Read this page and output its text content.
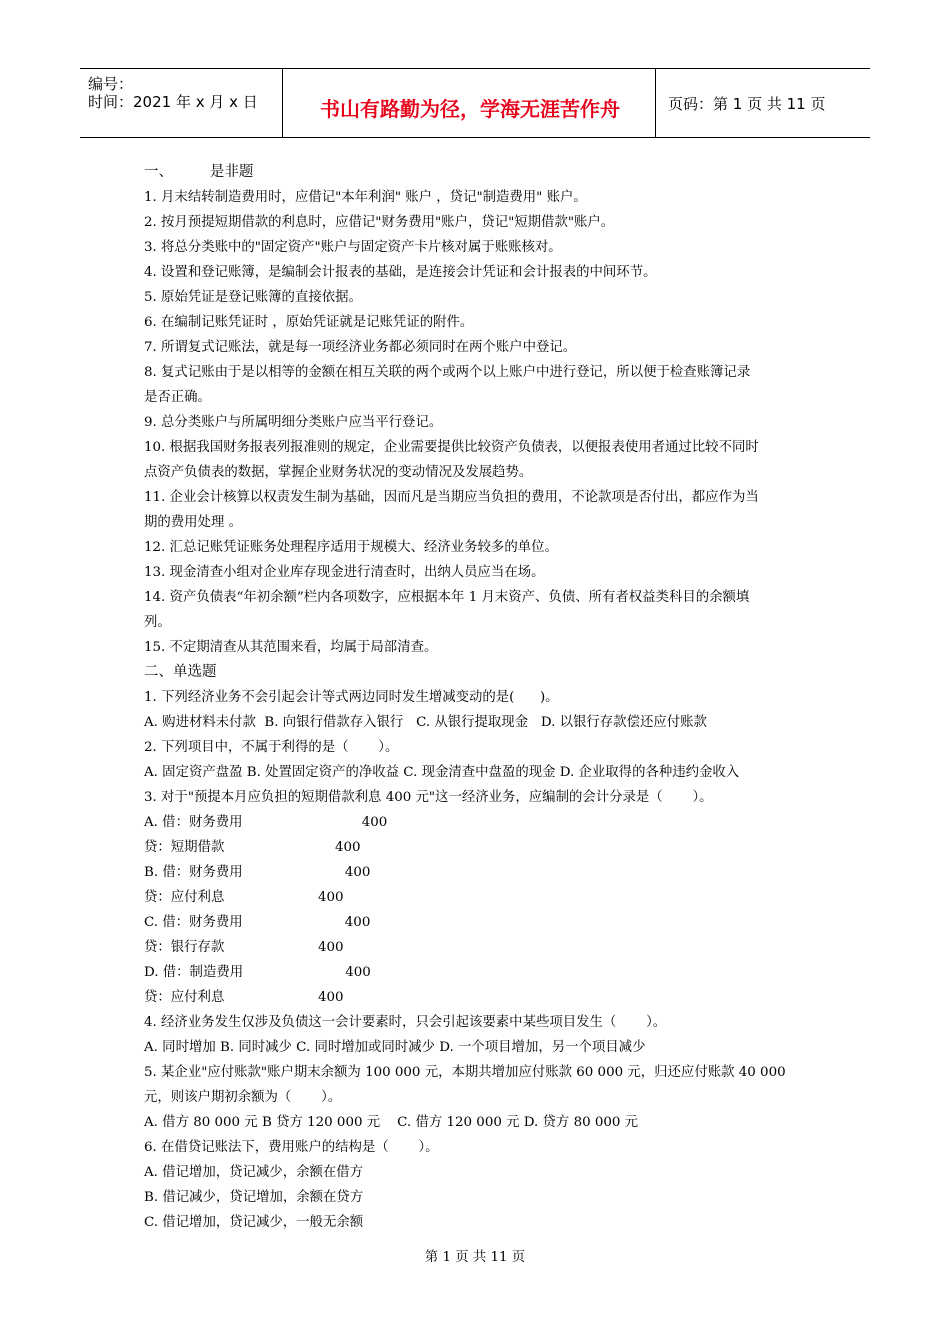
编号：
时间：2021 年 x 月 x 日	书山有路勤为径，学海无涯苦作舟	页码：第 1 页 共 11 页
一、        是非题
1. 月末结转制造费用时，应借记"本年利润" 账户 ，贷记"制造费用" 账户。
2. 按月预提短期借款的利息时，应借记"财务费用"账户，贷记"短期借款"账户。
3. 将总分类账中的"固定资产"账户与固定资产卡片核对属于账账核对。
4. 设置和登记账簿，是编制会计报表的基础，是连接会计凭证和会计报表的中间环节。
5. 原始凭证是登记账簿的直接依据。
6. 在编制记账凭证时 ，原始凭证就是记账凭证的附件。
7. 所谓复式记账法，就是每一项经济业务都必须同时在两个账户中登记。
8. 复式记账由于是以相等的金额在相互关联的两个或两个以上账户中进行登记，所以便于检查账簿记录
是否正确。
9. 总分类账户与所属明细分类账户应当平行登记。
10. 根据我国财务报表列报准则的规定，企业需要提供比较资产负债表，以便报表使用者通过比较不同时
点资产负债表的数据，掌握企业财务状况的变动情况及发展趋势。
11. 企业会计核算以权责发生制为基础，因而凡是当期应当负担的费用，不论款项是否付出，都应作为当
期的费用处理 。
12. 汇总记账凭证账务处理程序适用于规模大、经济业务较多的单位。
13. 现金清查小组对企业库存现金进行清查时，出纳人员应当在场。
14. 资产负债表“年初余额”栏内各项数字，应根据本年 1 月末资产、负债、所有者权益类科目的余额填
列。
15. 不定期清查从其范围来看，均属于局部清查。
二、单选题
1. 下列经济业务不会引起会计等式两边同时发生增减变动的是(      )。
A. 购进材料未付款  B. 向银行借款存入银行   C. 从银行提取现金   D. 以银行存款偿还应付账款
2. 下列项目中，不属于利得的是（       ）。
A. 固定资产盘盈 B. 处置固定资产的净收益 C. 现金清查中盘盈的现金 D. 企业取得的各种违约金收入
3. 对于"预提本月应负担的短期借款利息 400 元"这一经济业务，应编制的会计分录是（       ）。
A. 借：财务费用                            400
贷：短期借款                          400
B. 借：财务费用                        400
贷：应付利息                      400
C. 借：财务费用                        400
贷：银行存款                      400
D. 借：制造费用                        400
贷：应付利息                      400
4. 经济业务发生仅涉及负债这一会计要素时，只会引起该要素中某些项目发生（       ）。
A. 同时增加 B. 同时减少 C. 同时增加或同时减少 D. 一个项目增加，另一个项目减少
5. 某企业"应付账款"账户期末余额为 100 000 元，本期共增加应付账款 60 000 元，归还应付账款 40 000
元，则该户期初余额为（       ）。
A. 借方 80 000 元 B 贷方 120 000 元    C. 借方 120 000 元 D. 贷方 80 000 元
6. 在借贷记账法下，费用账户的结构是（       ）。
A. 借记增加，贷记减少，余额在借方
B. 借记减少，贷记增加，余额在贷方
C. 借记增加，贷记减少，一般无余额
第 1 页 共 11 页
